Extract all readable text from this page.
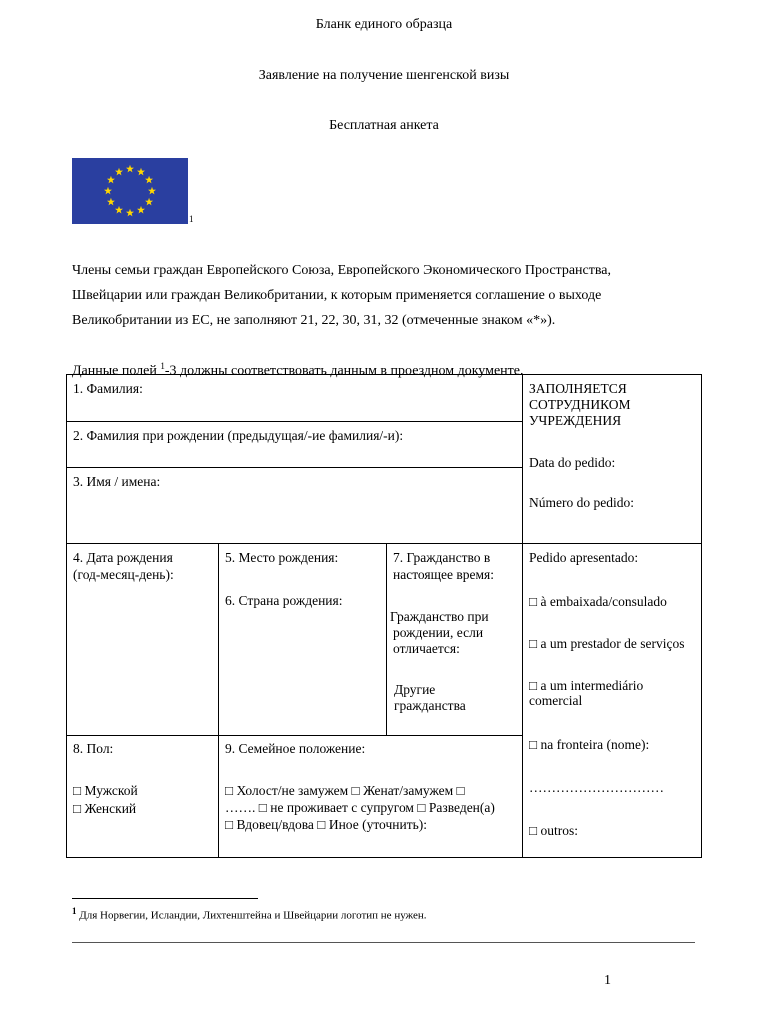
Бланк единого образца
Заявление на получение шенгенской визы
Бесплатная анкета
1
Члены семьи граждан Европейского Союза, Европейского Экономического Пространства,
Швейцарии или граждан Великобритании, к которым применяется соглашение о выходе
Великобритании из ЕС, не заполняют 21, 22, 30, 31, 32 (отмеченные знаком «*»).
Данные полей $^1$-3 должны соответствовать данным в проездном документе.
1. Фамилия:
2. Фамилия при рождении (предыдущая/-ие фамилия/-и):
3. Имя / имена:
ЗАПОЛНЯЕТСЯ
СОТРУДНИКОМ
УЧРЕЖДЕНИЯ
Data do pedido:
Número do pedido:
4. Дата рождения
(год-месяц-день):
5. Место рождения:
6. Страна рождения:
7. Гражданство в
настоящее время:
Гражданство при
рождении, если
отличается:
Другие
гражданства
8. Пол:
□ Мужской
□ Женский
9. Семейное положение:
□ Холост/не замужем □ Женат/замужем □
……. □ не проживает с супругом □ Разведен(а)
□ Вдовец/вдова □ Иное (уточнить):
Pedido apresentado:
□ à embaixada/consulado
□ a um prestador de serviços
□ a um intermediário
comercial
□ na fronteira (nome):
…………………………
□ outros:
$^1$ Для Норвегии, Исландии, Лихтенштейна и Швейцарии логотип не нужен.
1
